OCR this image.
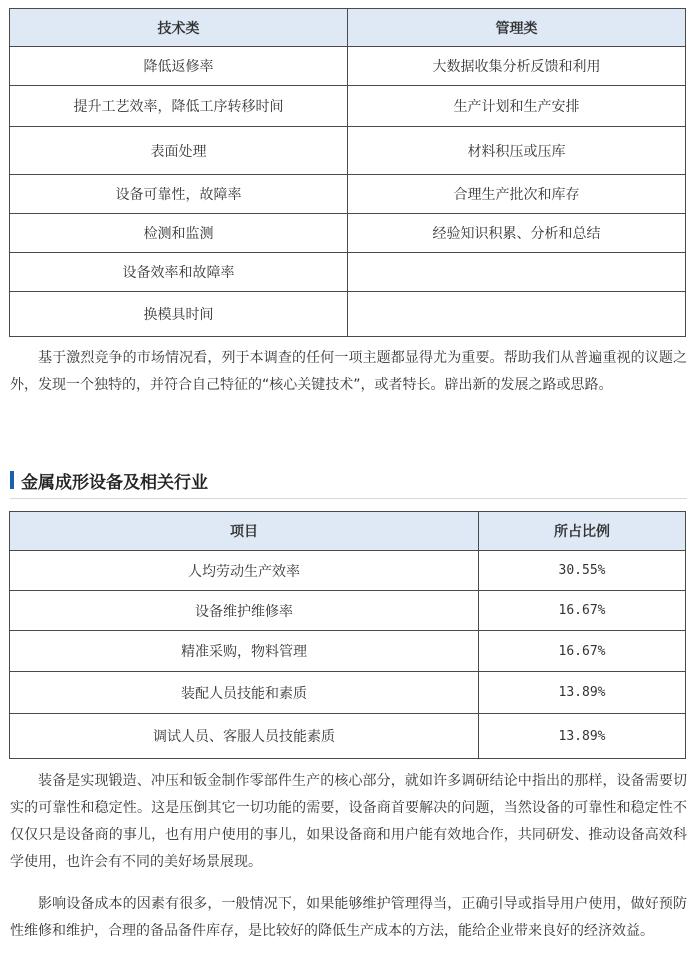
技术类	管理类
降低返修率	大数据收集分析反馈和利用
提升工艺效率，降低工序转移时间	生产计划和生产安排
表面处理	材料积压或压库
设备可靠性，故障率	合理生产批次和库存
检测和监测	经验知识积累、分析和总结
设备效率和故障率	
换模具时间	

基于激烈竞争的市场情况看，列于本调查的任何一项主题都显得尤为重要。帮助我们从普遍重视的议题之外，发现一个独特的，并符合自己特征的“核心关键技术”，或者特长。辟出新的发展之路或思路。

金属成形设备及相关行业
项目	所占比例
人均劳动生产效率	30.55%
设备维护维修率	16.67%
精准采购，物料管理	16.67%
装配人员技能和素质	13.89%
调试人员、客服人员技能素质	13.89%

装备是实现锻造、冲压和钣金制作零部件生产的核心部分，就如许多调研结论中指出的那样，设备需要切实的可靠性和稳定性。这是压倒其它一切功能的需要，设备商首要解决的问题，当然设备的可靠性和稳定性不仅仅只是设备商的事儿，也有用户使用的事儿，如果设备商和用户能有效地合作，共同研发、推动设备高效科学使用，也许会有不同的美好场景展现。

影响设备成本的因素有很多，一般情况下，如果能够维护管理得当，正确引导或指导用户使用，做好预防性维修和维护，合理的备品备件库存，是比较好的降低生产成本的方法，能给企业带来良好的经济效益。
